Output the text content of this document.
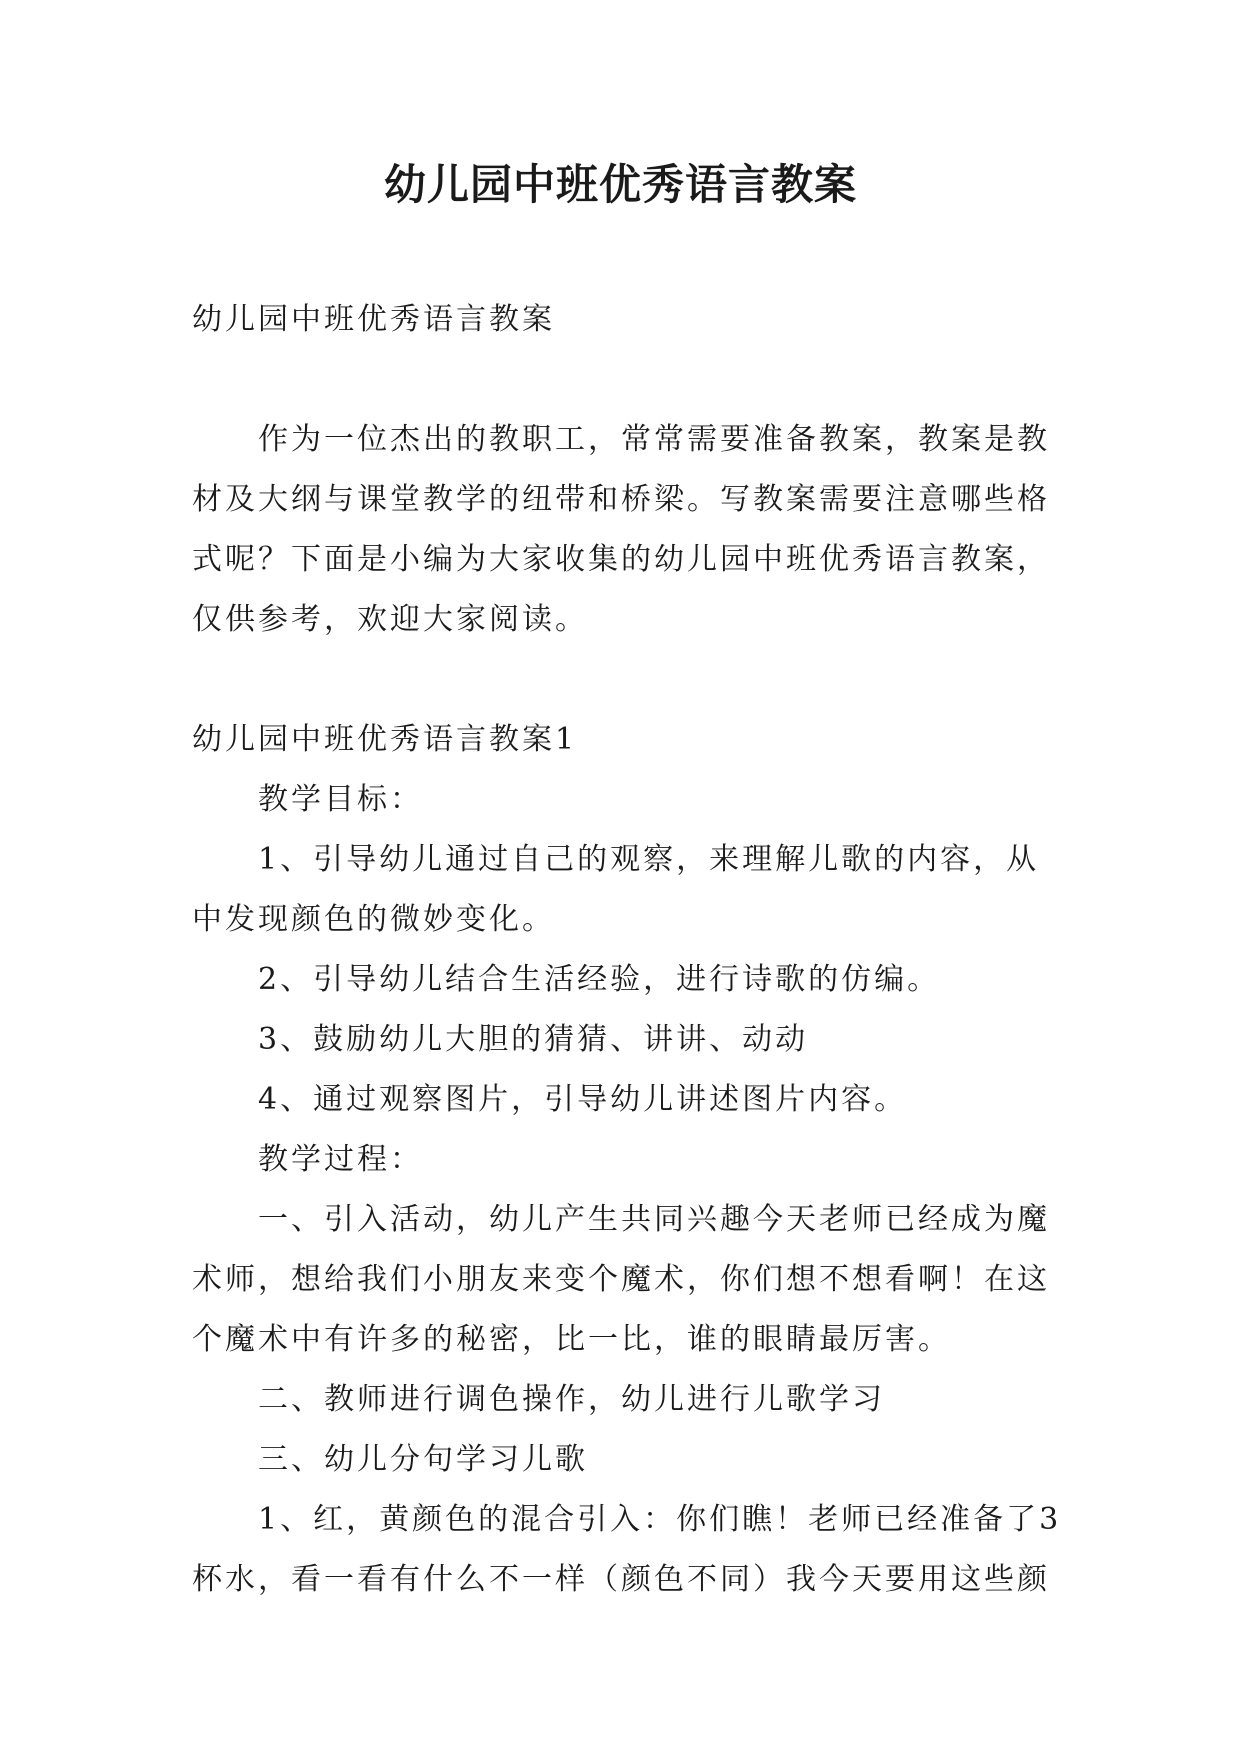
幼儿园中班优秀语言教案

幼儿园中班优秀语言教案

作为一位杰出的教职工，常常需要准备教案，教案是教材及大纲与课堂教学的纽带和桥梁。写教案需要注意哪些格式呢？下面是小编为大家收集的幼儿园中班优秀语言教案，仅供参考，欢迎大家阅读。

幼儿园中班优秀语言教案1

教学目标：

1、引导幼儿通过自己的观察，来理解儿歌的内容，从中发现颜色的微妙变化。

2、引导幼儿结合生活经验，进行诗歌的仿编。

3、鼓励幼儿大胆的猜猜、讲讲、动动

4、通过观察图片，引导幼儿讲述图片内容。

教学过程：

一、引入活动，幼儿产生共同兴趣今天老师已经成为魔术师，想给我们小朋友来变个魔术，你们想不想看啊！在这个魔术中有许多的秘密，比一比，谁的眼睛最厉害。

二、教师进行调色操作，幼儿进行儿歌学习

三、幼儿分句学习儿歌

1、红，黄颜色的混合引入：你们瞧！老师已经准备了3杯水，看一看有什么不一样（颜色不同）我今天要用这些颜
